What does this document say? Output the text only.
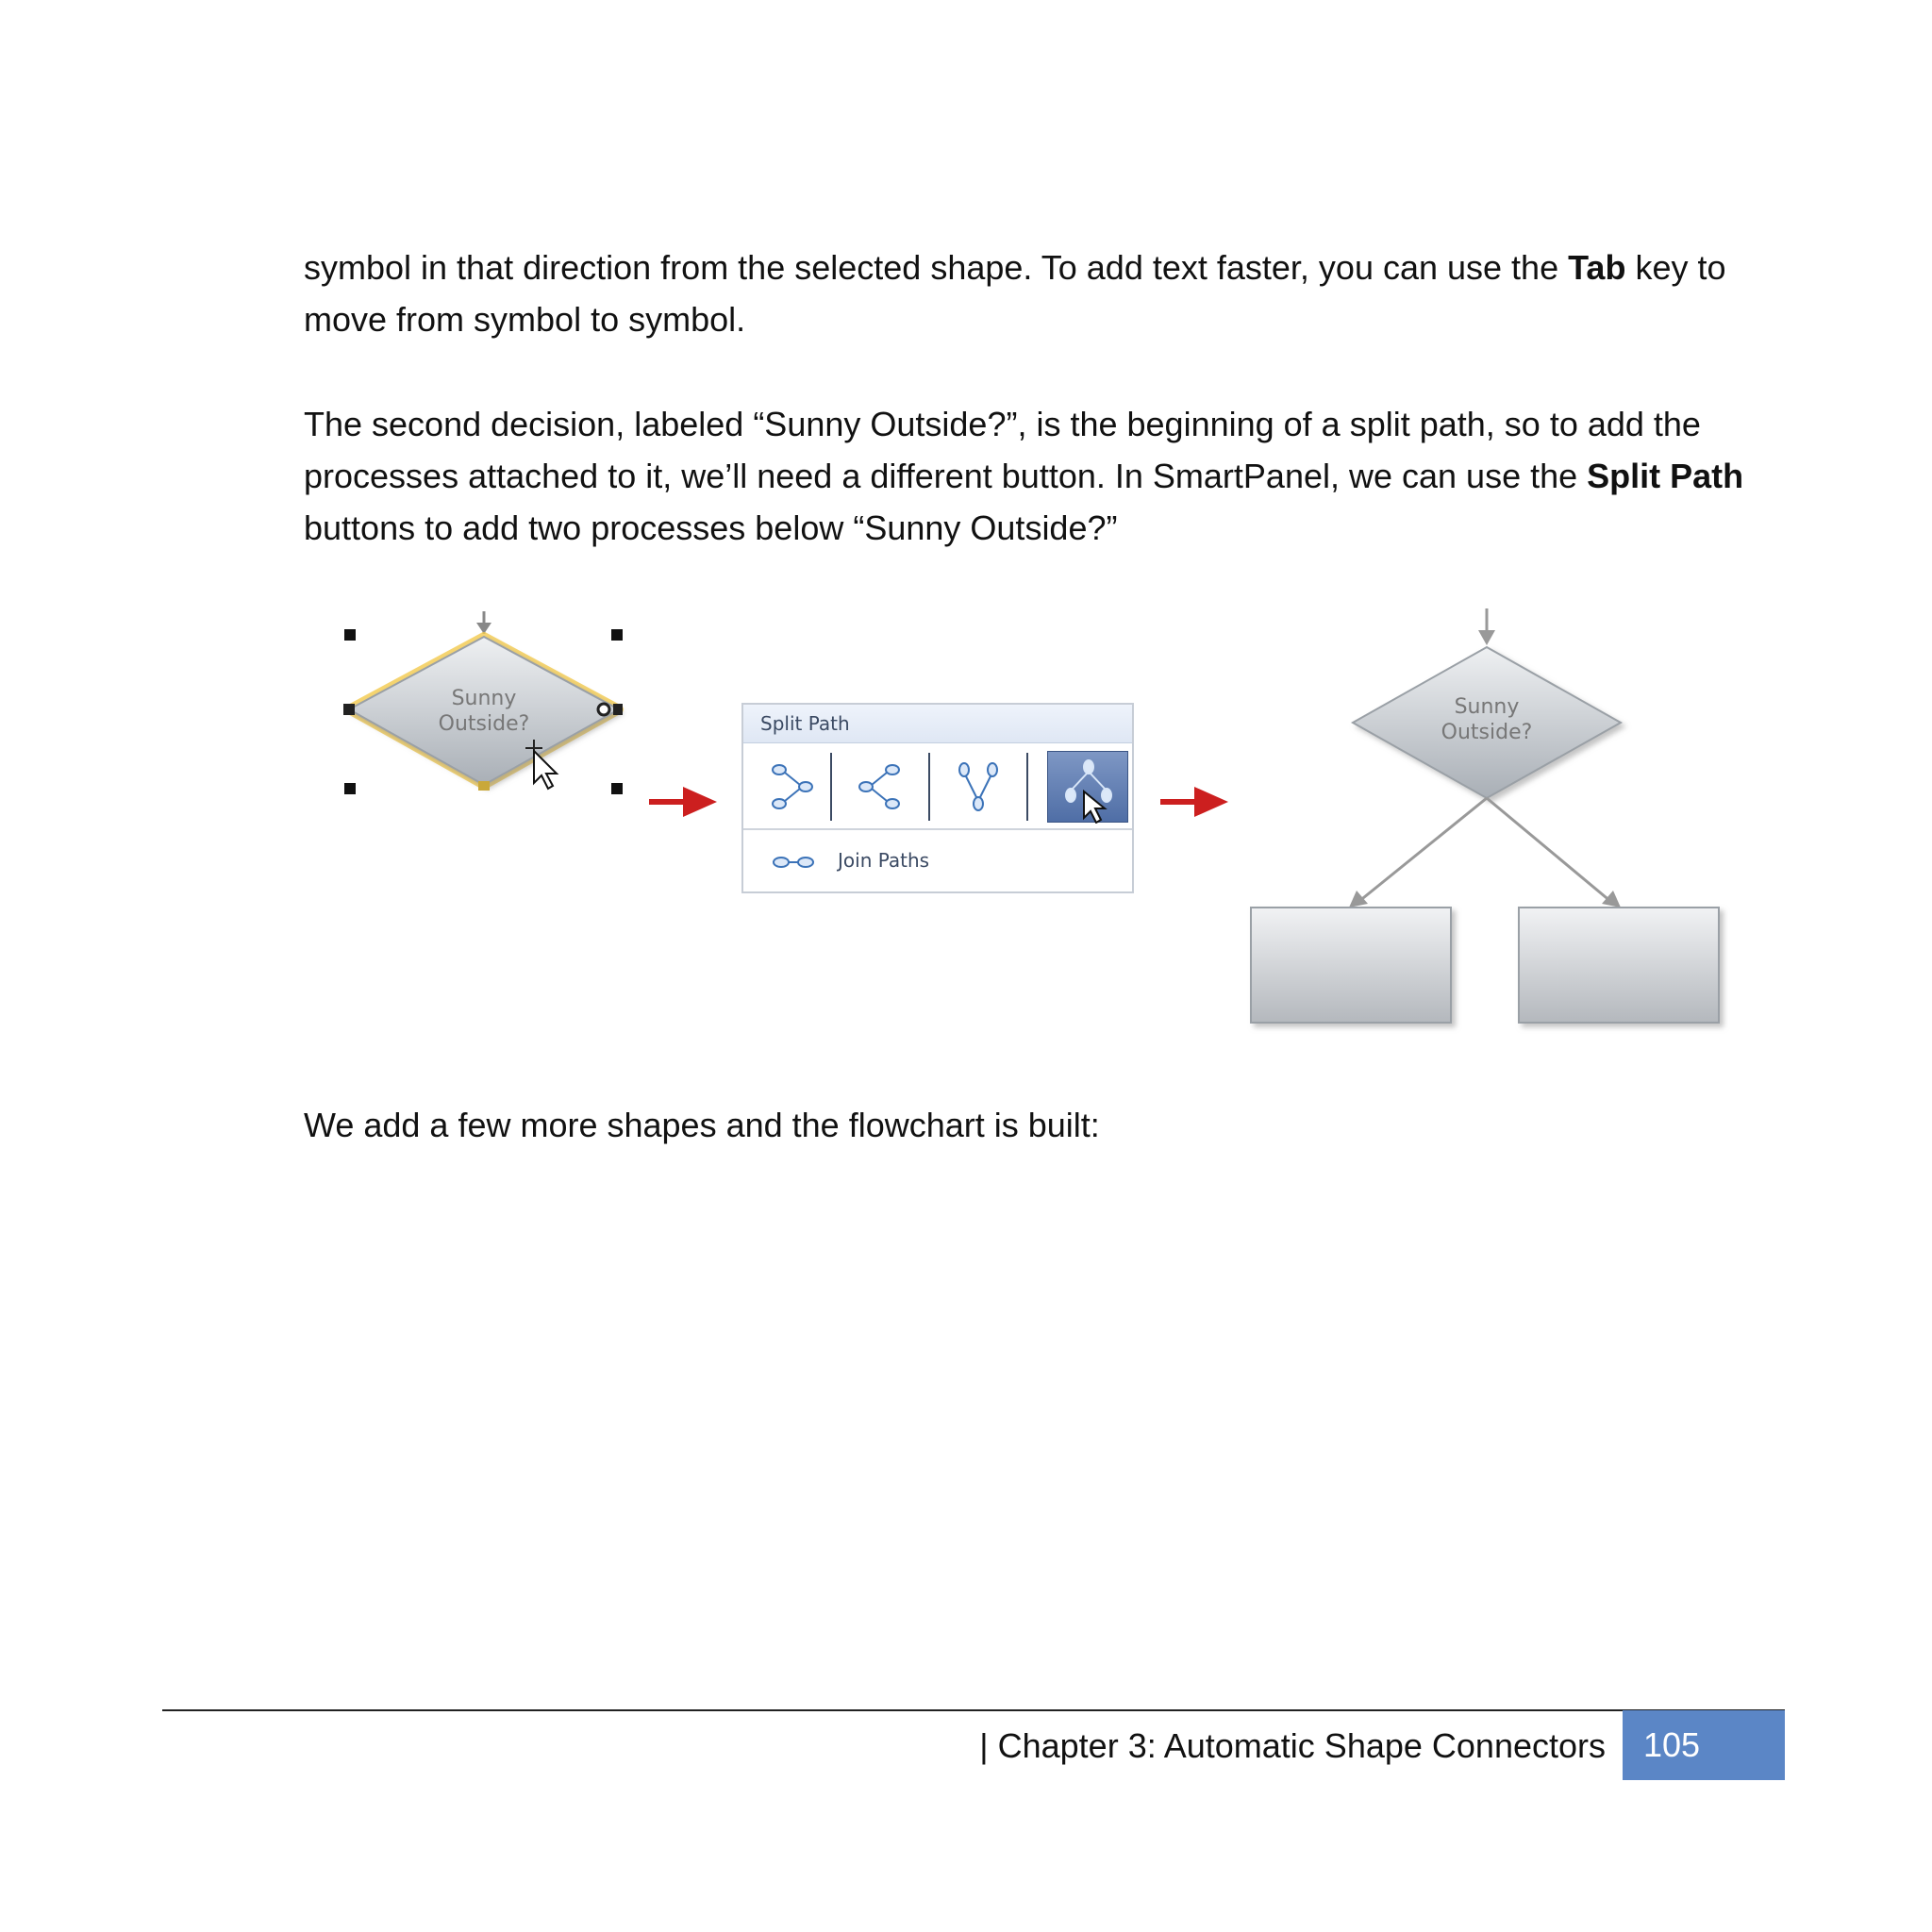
symbol in that direction from the selected shape. To add text faster, you can use the Tab key to move from symbol to symbol.

The second decision, labeled “Sunny Outside?”, is the beginning of a split path, so to add the processes attached to it, we’ll need a different button. In SmartPanel, we can use the Split Path buttons to add two processes below “Sunny Outside?”

Sunny
Outside?
Sunny
Outside?
Split Path
Join Paths

We add a few more shapes and the flowchart is built:

| Chapter 3: Automatic Shape Connectors	105
